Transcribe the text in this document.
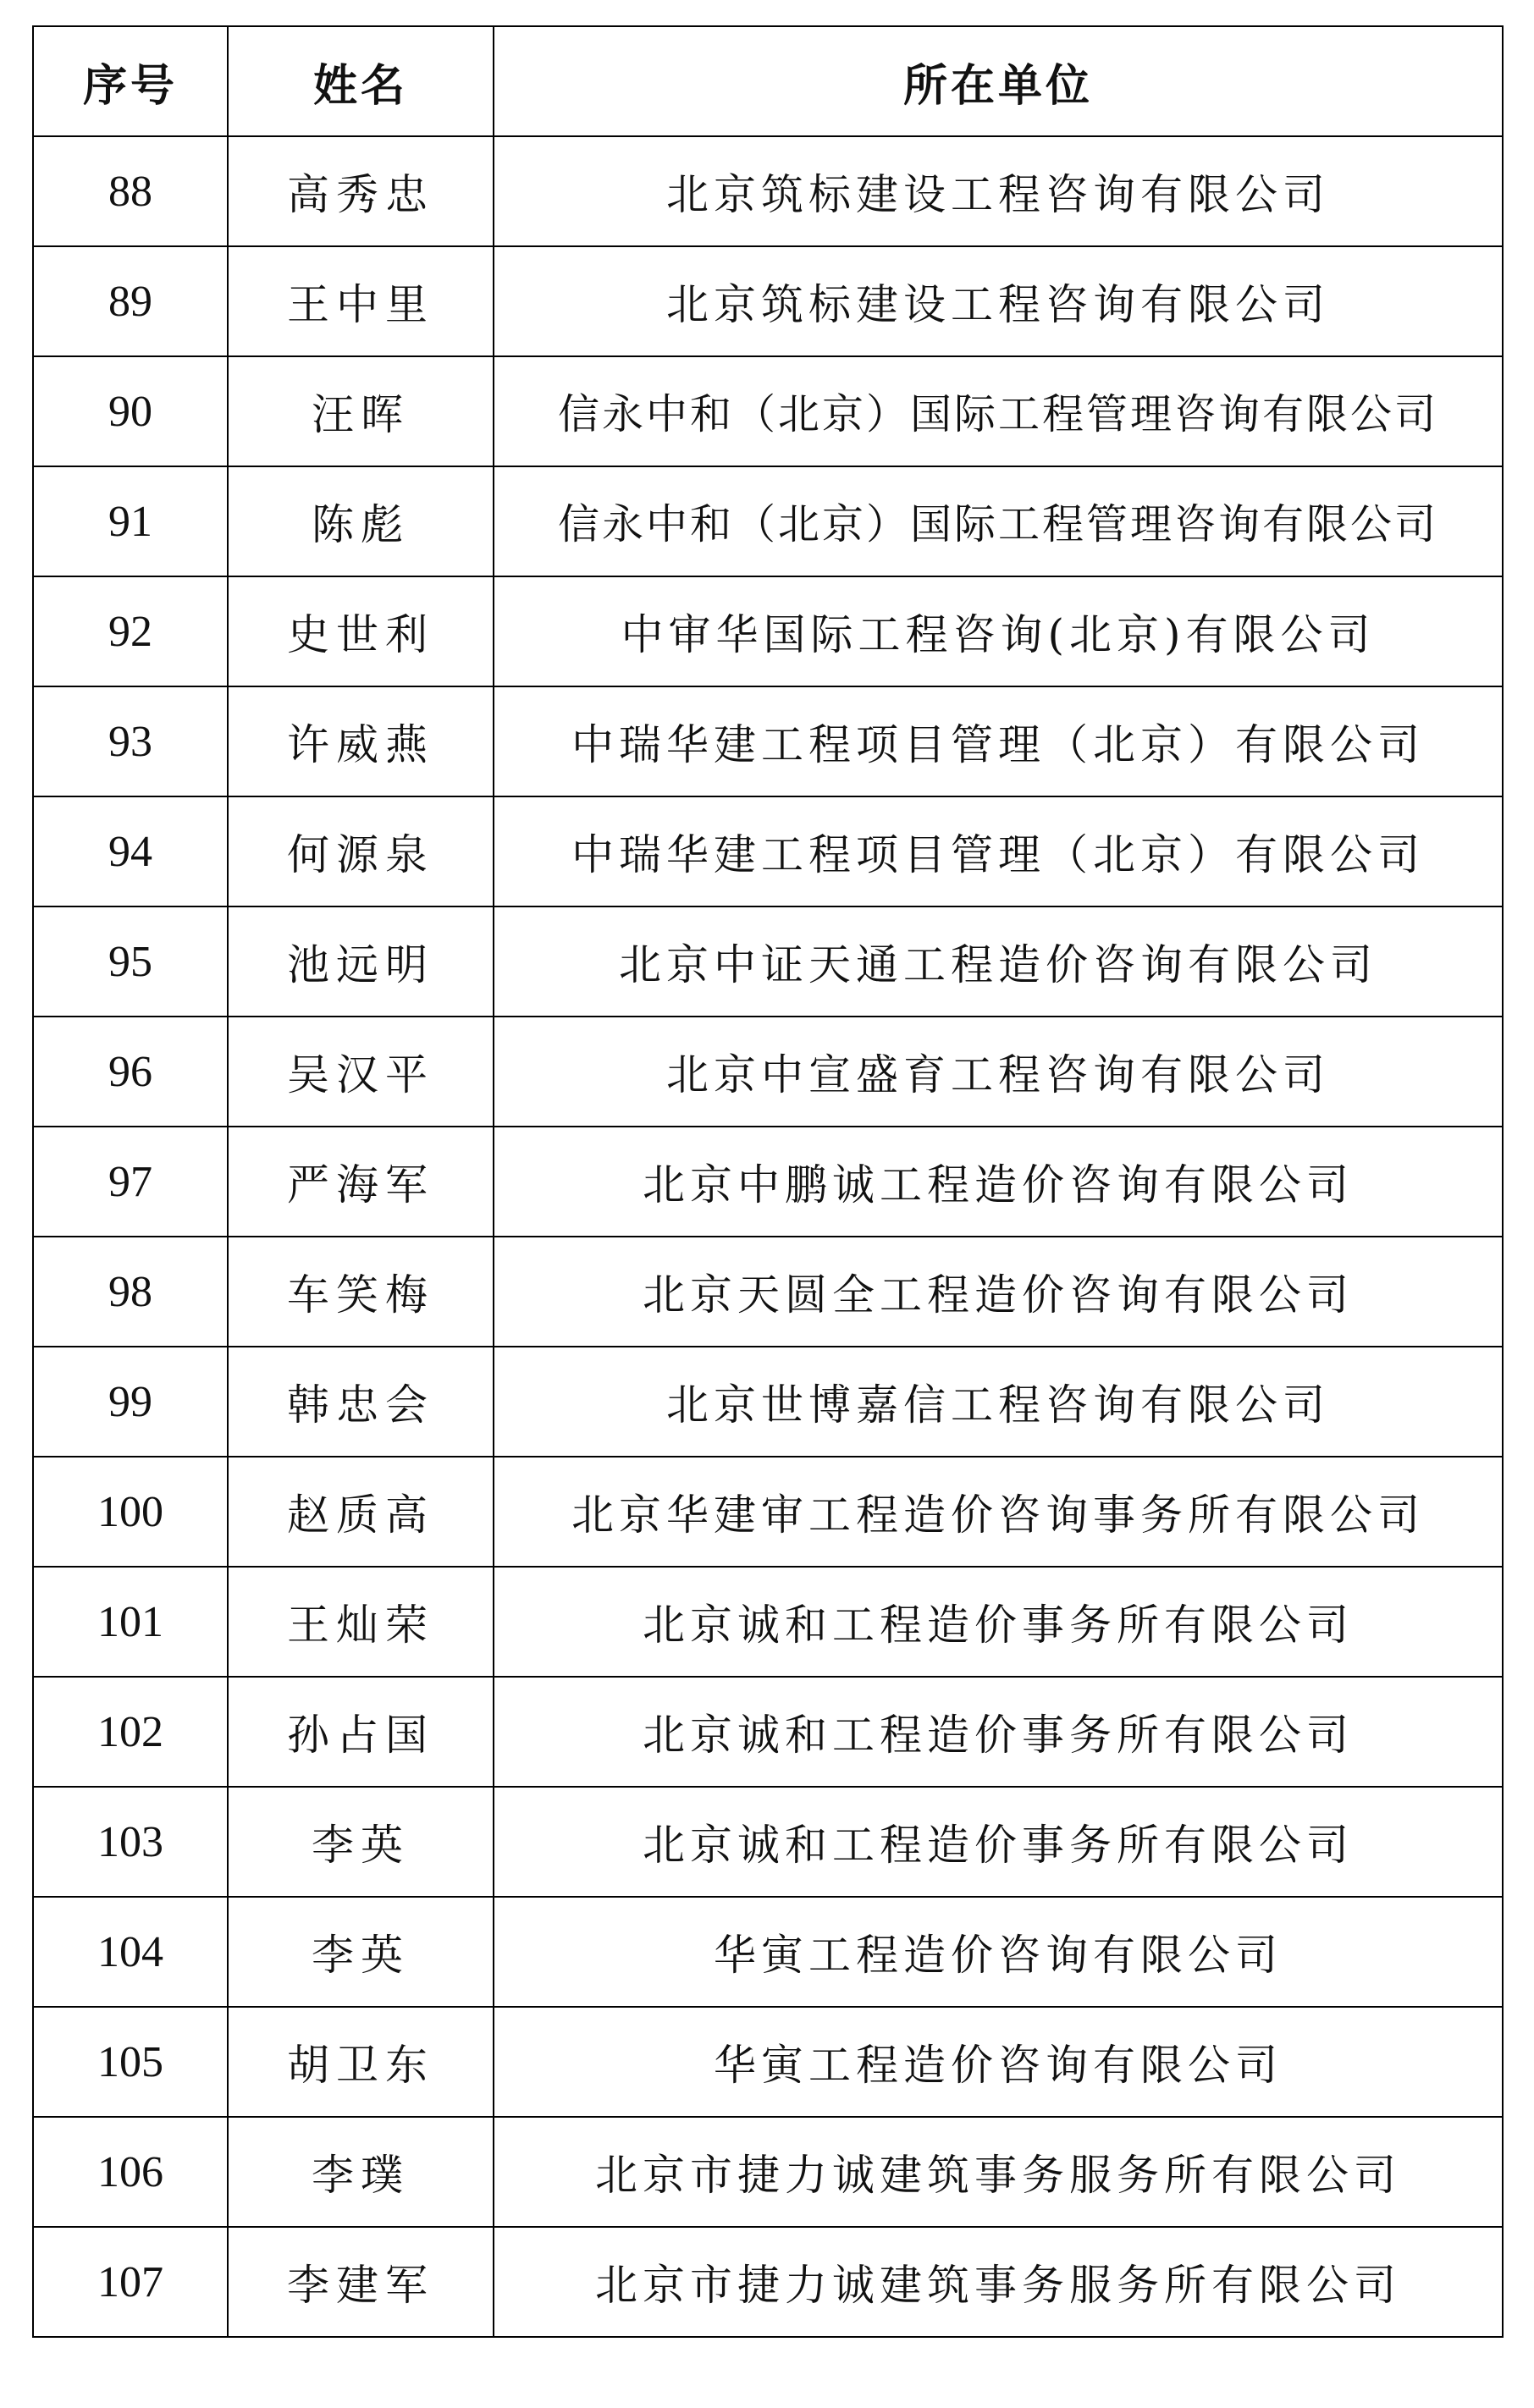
序号	姓名	所在单位
88	高秀忠	北京筑标建设工程咨询有限公司
89	王中里	北京筑标建设工程咨询有限公司
90	汪晖	信永中和（北京）国际工程管理咨询有限公司
91	陈彪	信永中和（北京）国际工程管理咨询有限公司
92	史世利	中审华国际工程咨询(北京)有限公司
93	许威燕	中瑞华建工程项目管理（北京）有限公司
94	何源泉	中瑞华建工程项目管理（北京）有限公司
95	池远明	北京中证天通工程造价咨询有限公司
96	吴汉平	北京中宣盛育工程咨询有限公司
97	严海军	北京中鹏诚工程造价咨询有限公司
98	车笑梅	北京天圆全工程造价咨询有限公司
99	韩忠会	北京世博嘉信工程咨询有限公司
100	赵质高	北京华建审工程造价咨询事务所有限公司
101	王灿荣	北京诚和工程造价事务所有限公司
102	孙占国	北京诚和工程造价事务所有限公司
103	李英	北京诚和工程造价事务所有限公司
104	李英	华寅工程造价咨询有限公司
105	胡卫东	华寅工程造价咨询有限公司
106	李璞	北京市捷力诚建筑事务服务所有限公司
107	李建军	北京市捷力诚建筑事务服务所有限公司
